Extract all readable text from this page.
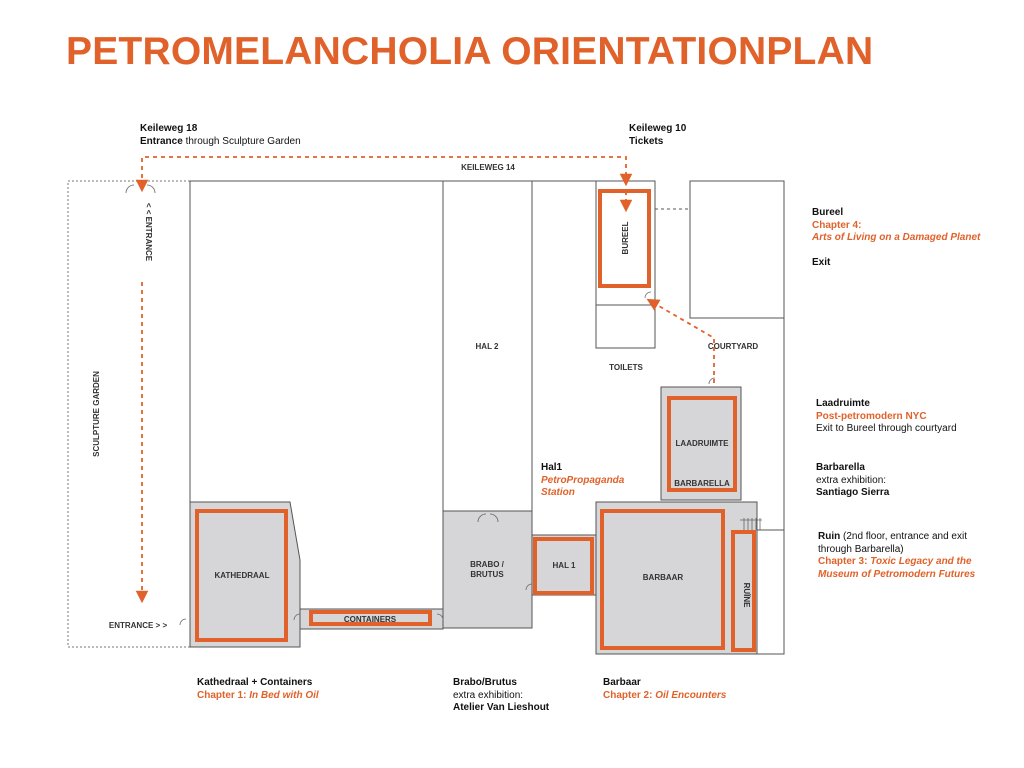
PETROMELANCHOLIA ORIENTATIONPLAN
SCULPTURE GARDEN
KEILEWEG 14
HAL 2
TOILETS
COURTYARD
BUREEL
LAADRUIMTE
BARBARELLA
KATHEDRAAL
CONTAINERS
BRABO /
BRUTUS
HAL 1
BARBAAR
RUÏNE
< < ENTRANCE
ENTRANCE > >
Keileweg 18
Entrance through Sculpture Garden
Keileweg 10
Tickets
Bureel
Chapter 4:
Arts of Living on a Damaged Planet

Exit
Laadruimte
Post-petromodern NYC
Exit to Bureel through courtyard
Barbarella
extra exhibition:
Santiago Sierra
Ruin (2nd floor, entrance and exit
through Barbarella)
Chapter 3: Toxic Legacy and the
Museum of Petromodern Futures
Hal1
PetroPropaganda
Station
Kathedraal + Containers
Chapter 1: In Bed with Oil
Brabo/Brutus
extra exhibition:
Atelier Van Lieshout
Barbaar
Chapter 2: Oil Encounters
